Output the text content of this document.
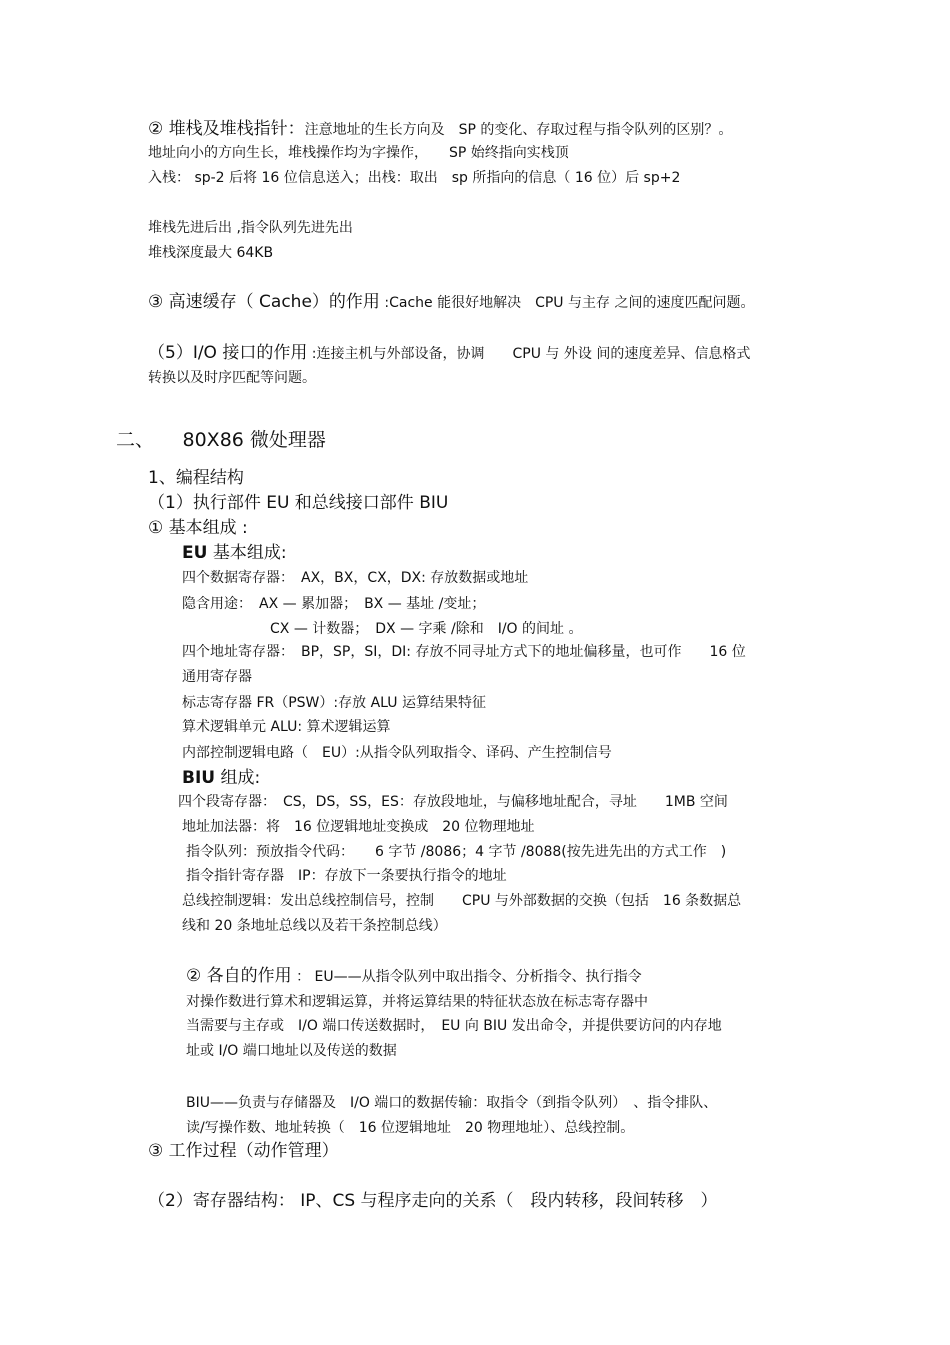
② 堆栈及堆栈指针：注意地址的生长方向及　SP 的变化、存取过程与指令队列的区别？。
地址向小的方向生长，堆栈操作均为字操作，　　SP 始终指向实栈顶
入栈： sp-2 后将 16 位信息送入；出栈：取出　sp 所指向的信息（ 16 位）后 sp+2
堆栈先进后出 ,指令队列先进先出
堆栈深度最大 64KB
③ 高速缓存（ Cache）的作用 :Cache 能很好地解决　CPU 与主存 之间的速度匹配问题。
（5）I/O 接口的作用 :连接主机与外部设备，协调　　CPU 与 外设 间的速度差异、信息格式
转换以及时序匹配等问题。
二、　　80X86 微处理器
1、编程结构
（1）执行部件 EU 和总线接口部件 BIU
① 基本组成 :
EU 基本组成:
四个数据寄存器：　AX，BX，CX，DX: 存放数据或地址
隐含用途：　AX — 累加器；　BX — 基址 /变址；
CX — 计数器；　DX — 字乘 /除和　I/O 的间址 。
四个地址寄存器：　BP，SP，SI，DI: 存放不同寻址方式下的地址偏移量，也可作　　16 位
通用寄存器
标志寄存器 FR（PSW）:存放 ALU 运算结果特征
算术逻辑单元 ALU: 算术逻辑运算
内部控制逻辑电路（　EU）:从指令队列取指令、译码、产生控制信号
BIU 组成:
四个段寄存器：　CS，DS，SS，ES：存放段地址，与偏移地址配合，寻址　　1MB 空间
地址加法器：将　16 位逻辑地址变换成　20 位物理地址
指令队列：预放指令代码：　　6 字节 /8086；4 字节 /8088(按先进先出的方式工作　)
指令指针寄存器　IP：存放下一条要执行指令的地址
总线控制逻辑：发出总线控制信号，控制　　CPU 与外部数据的交换（包括　16 条数据总
线和 20 条地址总线以及若干条控制总线）
② 各自的作用 ： EU——从指令队列中取出指令、分析指令、执行指令
对操作数进行算术和逻辑运算，并将运算结果的特征状态放在标志寄存器中
当需要与主存或　I/O 端口传送数据时，　EU 向 BIU 发出命令，并提供要访问的内存地
址或 I/O 端口地址以及传送的数据
BIU——负责与存储器及　I/O 端口的数据传输：取指令（到指令队列）　、指令排队、
读/写操作数、地址转换（　16 位逻辑地址　20 物理地址）、总线控制。
③ 工作过程（动作管理）
（2）寄存器结构： IP、CS 与程序走向的关系（　段内转移，段间转移　）
